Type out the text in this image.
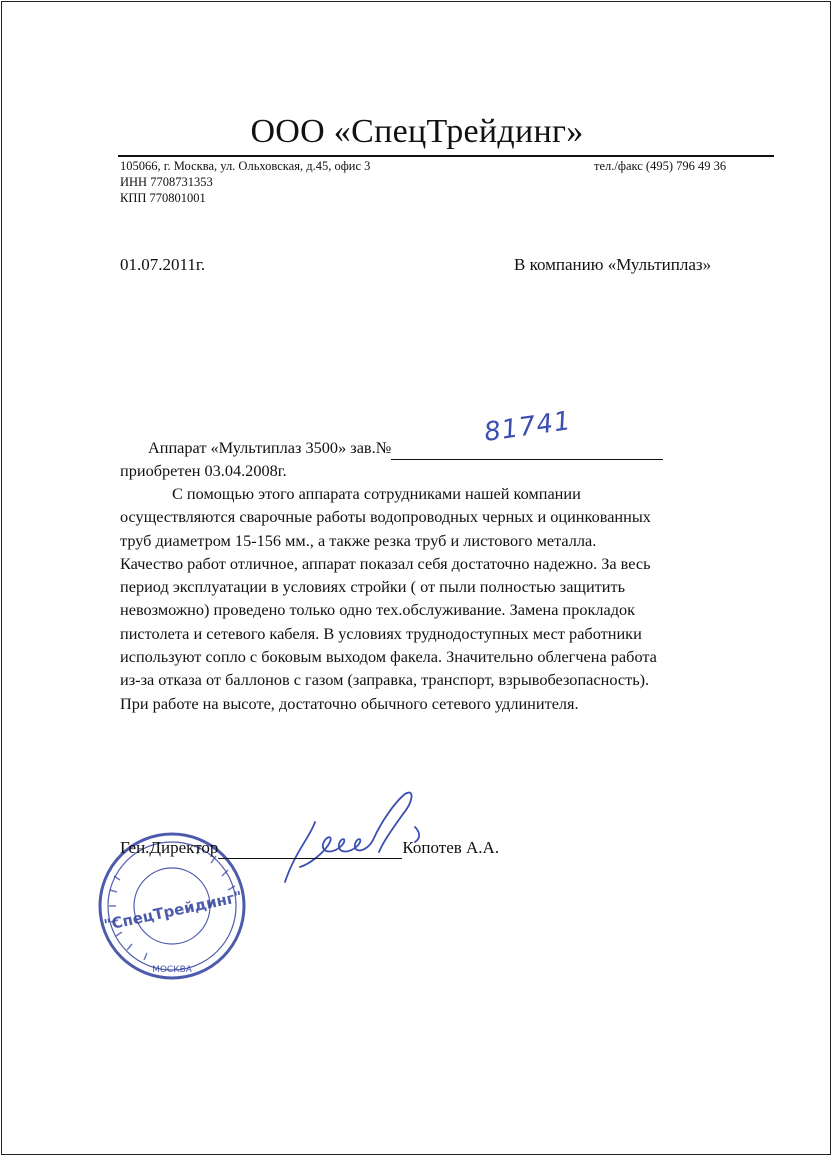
ООО «СпецТрейдинг»
105066, г. Москва, ул. Ольховская, д.45, офис 3	тел./факс (495) 796 49 36
ИНН 7708731353
КПП 770801001
01.07.2011г.	В компанию «Мультиплаз»
Аппарат «Мультиплаз 3500» зав.№	81741
приобретен 03.04.2008г.
С помощью этого аппарата сотрудниками нашей компании
осуществляются сварочные работы водопроводных черных и оцинкованных
труб диаметром 15-156 мм., а также резка труб и листового металла.
Качество работ отличное, аппарат показал себя достаточно надежно. За весь
период эксплуатации в условиях стройки ( от пыли полностью защитить
невозможно) проведено только одно тех.обслуживание. Замена прокладок
пистолета и сетевого кабеля. В условиях труднодоступных мест работники
используют сопло с боковым выходом факела. Значительно облегчена работа
из-за отказа от баллонов с газом (заправка, транспорт, взрывобезопасность).
При работе на высоте, достаточно обычного сетевого удлинителя.
"СпецТрейдинг"
МОСКВА
Ген.Директор	Копотев А.А.
